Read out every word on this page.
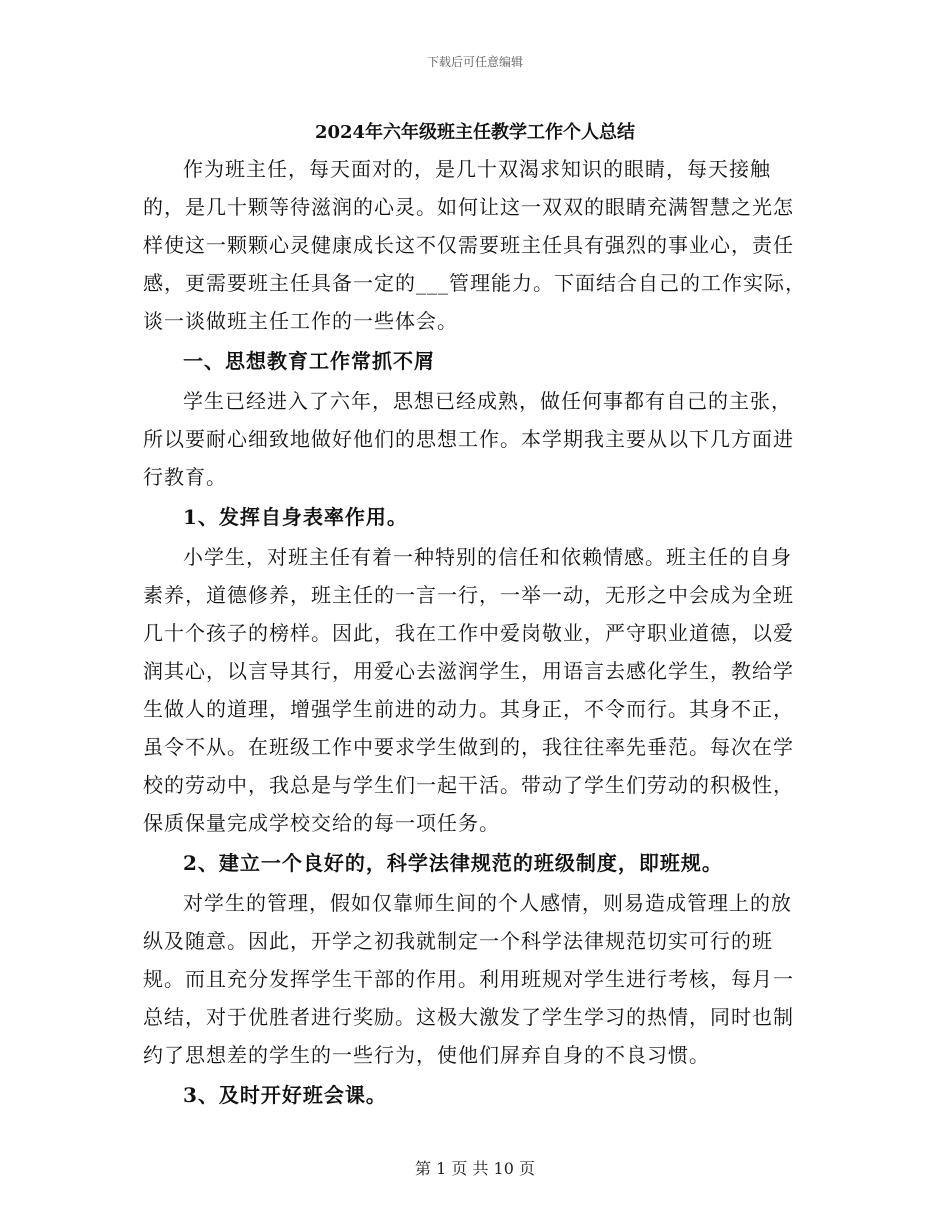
下载后可任意编辑
2024年六年级班主任教学工作个人总结

作为班主任，每天面对的，是几十双渴求知识的眼睛，每天接触的，是几十颗等待滋润的心灵。如何让这一双双的眼睛充满智慧之光怎样使这一颗颗心灵健康成长这不仅需要班主任具有强烈的事业心，责任感，更需要班主任具备一定的___管理能力。下面结合自己的工作实际，谈一谈做班主任工作的一些体会。

一、思想教育工作常抓不屑

学生已经进入了六年，思想已经成熟，做任何事都有自己的主张，所以要耐心细致地做好他们的思想工作。本学期我主要从以下几方面进行教育。

1、发挥自身表率作用。

小学生，对班主任有着一种特别的信任和依赖情感。班主任的自身素养，道德修养，班主任的一言一行，一举一动，无形之中会成为全班几十个孩子的榜样。因此，我在工作中爱岗敬业，严守职业道德，以爱润其心，以言导其行，用爱心去滋润学生，用语言去感化学生，教给学生做人的道理，增强学生前进的动力。其身正，不令而行。其身不正，虽令不从。在班级工作中要求学生做到的，我往往率先垂范。每次在学校的劳动中，我总是与学生们一起干活。带动了学生们劳动的积极性，保质保量完成学校交给的每一项任务。

2、建立一个良好的，科学法律规范的班级制度，即班规。

对学生的管理，假如仅靠师生间的个人感情，则易造成管理上的放纵及随意。因此，开学之初我就制定一个科学法律规范切实可行的班规。而且充分发挥学生干部的作用。利用班规对学生进行考核，每月一总结，对于优胜者进行奖励。这极大激发了学生学习的热情，同时也制约了思想差的学生的一些行为，使他们屏弃自身的不良习惯。

3、及时开好班会课。

第 1 页 共 10 页
